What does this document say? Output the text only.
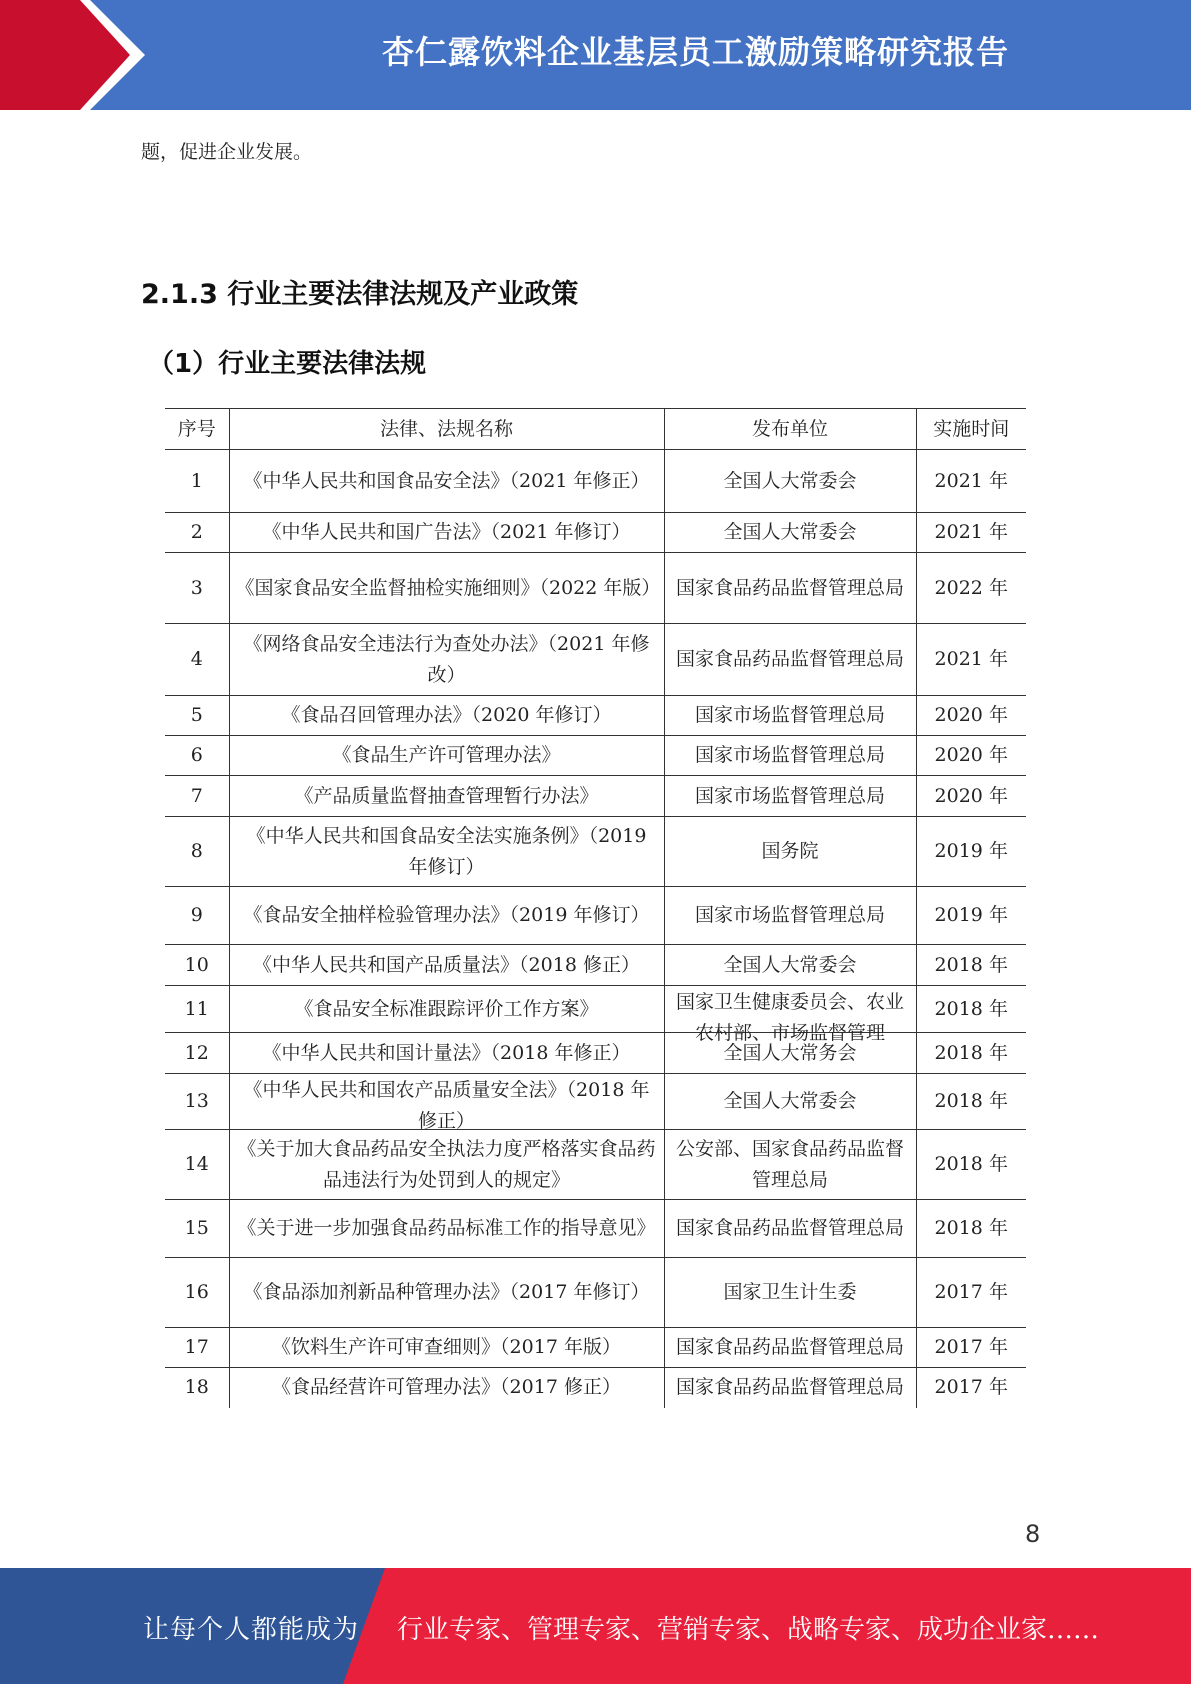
杏仁露饮料企业基层员工激励策略研究报告
题，促进企业发展。
2.1.3 行业主要法律法规及产业政策
（1）行业主要法律法规
序号	法律、法规名称	发布单位	实施时间

1	《中华人民共和国食品安全法》（2021 年修正）	全国人大常委会	2021 年

2	《中华人民共和国广告法》（2021 年修订）	全国人大常委会	2021 年

3	《国家食品安全监督抽检实施细则》（2022 年版）	国家食品药品监督管理总局	2022 年

4	《网络食品安全违法行为查处办法》（2021 年修改）	国家食品药品监督管理总局	2021 年

5	《食品召回管理办法》（2020 年修订）	国家市场监督管理总局	2020 年

6	《食品生产许可管理办法》	国家市场监督管理总局	2020 年

7	《产品质量监督抽查管理暂行办法》	国家市场监督管理总局	2020 年

8	《中华人民共和国食品安全法实施条例》（2019 年修订）	国务院	2019 年

9	《食品安全抽样检验管理办法》（2019 年修订）	国家市场监督管理总局	2019 年

10	《中华人民共和国产品质量法》（2018 修正）	全国人大常委会	2018 年

11	《食品安全标准跟踪评价工作方案》	国家卫生健康委员会、农业农村部、市场监督管理	2018 年

12	《中华人民共和国计量法》（2018 年修正）	全国人大常务会	2018 年

13	《中华人民共和国农产品质量安全法》（2018 年修正）	全国人大常委会	2018 年

14	《关于加大食品药品安全执法力度严格落实食品药品违法行为处罚到人的规定》	公安部、国家食品药品监督管理总局	2018 年

15	《关于进一步加强食品药品标准工作的指导意见》	国家食品药品监督管理总局	2018 年

16	《食品添加剂新品种管理办法》（2017 年修订）	国家卫生计生委	2017 年

17	《饮料生产许可审查细则》（2017 年版）	国家食品药品监督管理总局	2017 年

18	《食品经营许可管理办法》（2017 修正）	国家食品药品监督管理总局	2017 年
8
让每个人都能成为 行业专家、管理专家、营销专家、战略专家、成功企业家……
